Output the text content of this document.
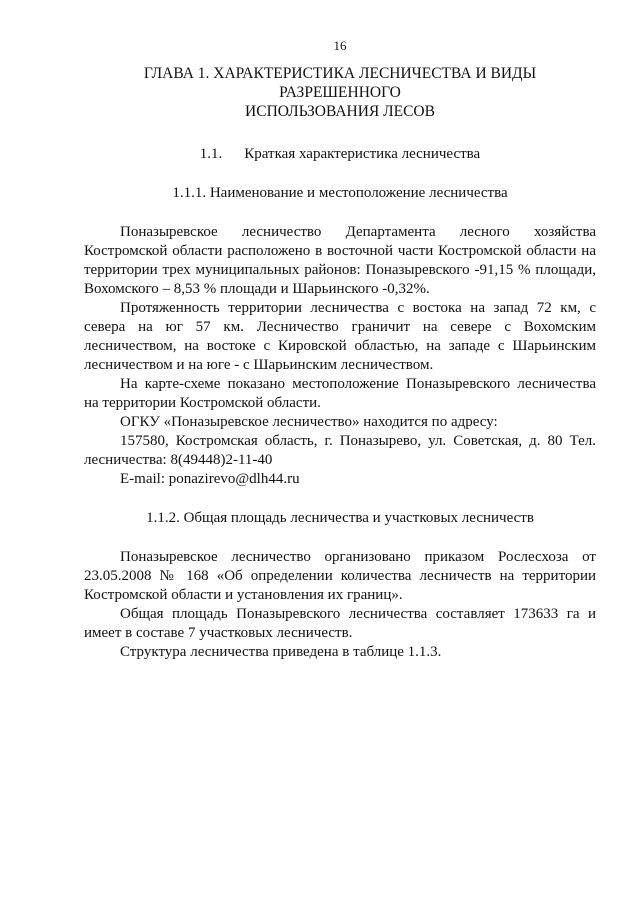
16
ГЛАВА 1. ХАРАКТЕРИСТИКА ЛЕСНИЧЕСТВА И ВИДЫ РАЗРЕШЕННОГО
ИСПОЛЬЗОВАНИЯ ЛЕСОВ
1.1. Краткая характеристика лесничества
1.1.1. Наименование и местоположение лесничества

Поназыревское лесничество Департамента лесного хозяйства Костромской области расположено в восточной части Костромской области на территории трех муниципальных районов: Поназыревского -91,15 % площади, Вохомского – 8,53 % площади и Шарьинского -0,32%.

Протяженность территории лесничества с востока на запад 72 км, с севера на юг 57 км. Лесничество граничит на севере с Вохомским лесничеством, на востоке с Кировской областью, на западе с Шарьинским лесничеством и на юге - с Шарьинским лесничеством.

На карте-схеме показано местоположение Поназыревского лесничества на территории Костромской области.

ОГКУ «Поназыревское лесничество» находится по адресу:

157580, Костромская область, г. Поназырево, ул. Советская, д. 80 Тел. лесничества: 8(49448)2-11-40

E-mail: ponazirevo@dlh44.ru

1.1.2. Общая площадь лесничества и участковых лесничеств

Поназыревское лесничество организовано приказом Рослесхоза от 23.05.2008 № 168 «Об определении количества лесничеств на территории Костромской области и установления их границ».

Общая площадь Поназыревского лесничества составляет 173633 га и имеет в составе 7 участковых лесничеств.

Структура лесничества приведена в таблице 1.1.3.
